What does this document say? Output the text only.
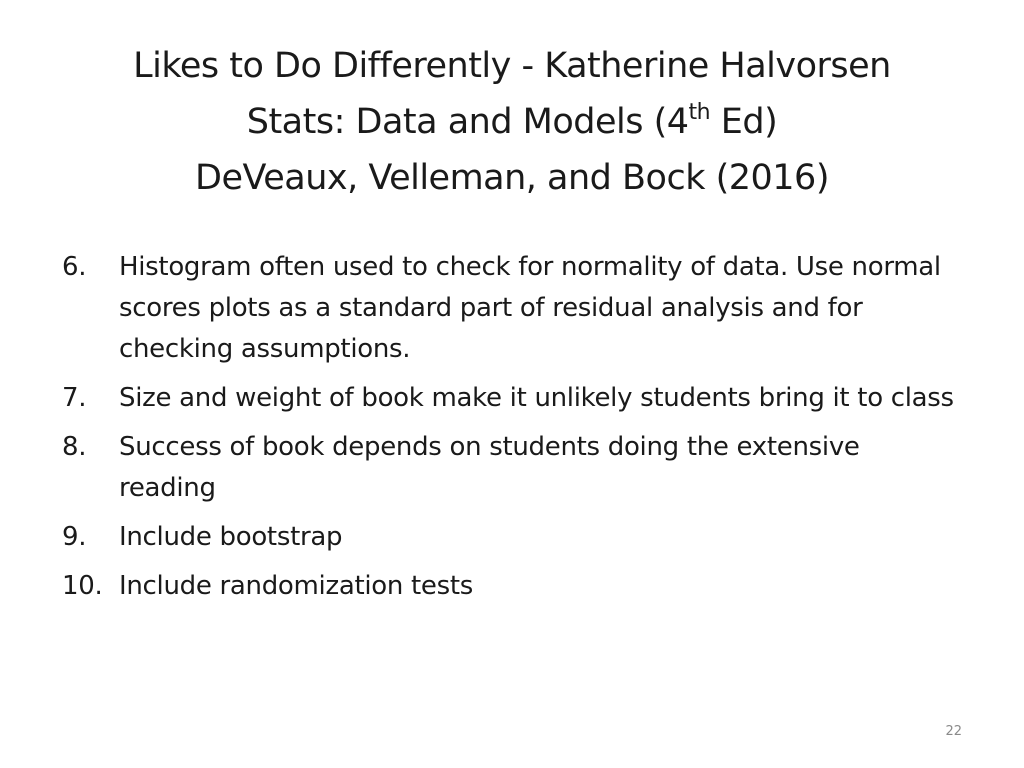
Likes to Do Differently - Katherine Halvorsen
Stats: Data and Models (4th Ed)
DeVeaux, Velleman, and Bock (2016)
6.	Histogram often used to check for normality of data. Use normal scores plots as a standard part of residual analysis and for checking assumptions.
7.	Size and weight of book make it unlikely students bring it to class
8.	Success of book depends on students doing the extensive reading
9.	Include bootstrap
10. Include randomization tests
22
